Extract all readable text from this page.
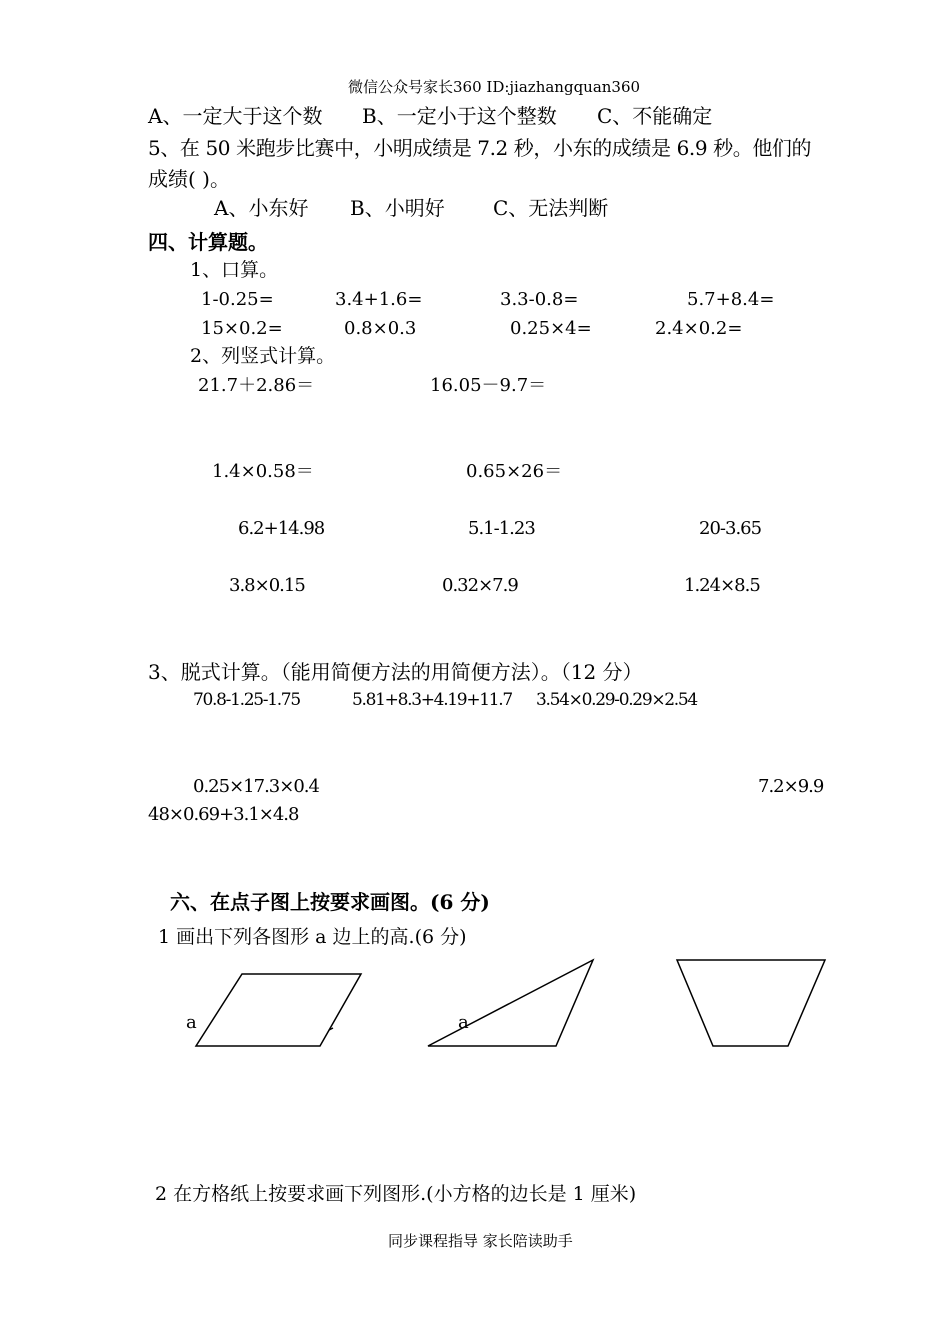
微信公众号家长360 ID:jiazhangquan360
A、一定大于这个数 B、一定小于这个整数 C、不能确定
5、在 50 米跑步比赛中，小明成绩是 7.2 秒，小东的成绩是 6.9 秒。他们的
成绩( )。
A、小东好 B、小明好 C、无法判断
四、计算题。
1、口算。
1-0.25=	3.4+1.6=	3.3-0.8=	5.7+8.4=
15×0.2=	0.8×0.3	0.25×4=	2.4×0.2=
2、列竖式计算。
21.7＋2.86＝	16.05－9.7＝
1.4×0.58＝	0.65×26＝
6.2+14.98	5.1-1.23	20-3.65
3.8×0.15	0.32×7.9	1.24×8.5
3、脱式计算。（能用简便方法的用简便方法）。（12 分）
70.8-1.25-1.75	5.81+8.3+4.19+11.7 3.54×0.29-0.29×2.54
0.25×17.3×0.4	7.2×9.9
48×0.69+3.1×4.8
六、在点子图上按要求画图。(6 分)
1 画出下列各图形 a 边上的高.(6 分)
a	a
2 在方格纸上按要求画下列图形.(小方格的边长是 1 厘米)
同步课程指导 家长陪读助手
